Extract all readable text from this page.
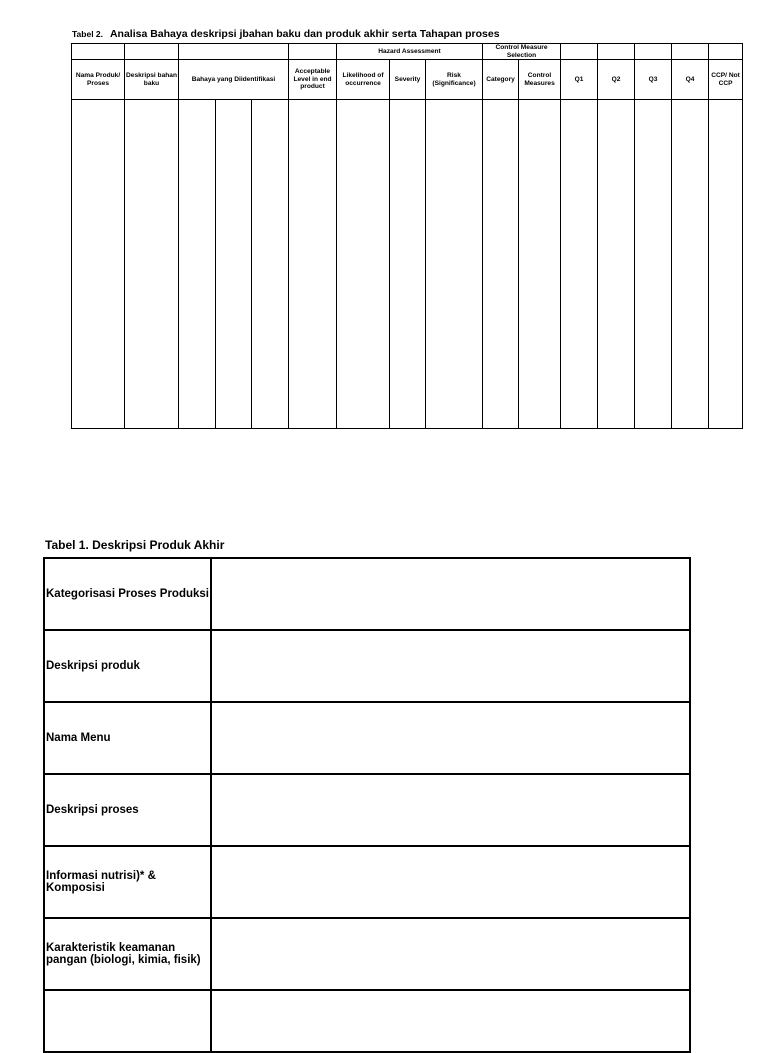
Tabel 2. Analisa Bahaya deskripsi jbahan baku dan produk akhir serta Tahapan proses
						Hazard Assessment			Control Measure Selection						
Nama Produk/ Proses	Deskripsi bahan baku	Bahaya yang Diidentifikasi			Acceptable Level in end product	Likelihood of occurrence	Severity	Risk (Significance)	Category	Control Measures	Q1	Q2	Q3	Q4	CCP/ Not CCP

Tabel 1. Deskripsi Produk Akhir
Kategorisasi Proses Produksi	
Deskripsi produk	
Nama Menu	
Deskripsi proses	
Informasi nutrisi)* & Komposisi	
Karakteristik keamanan pangan (biologi, kimia, fisik)	
